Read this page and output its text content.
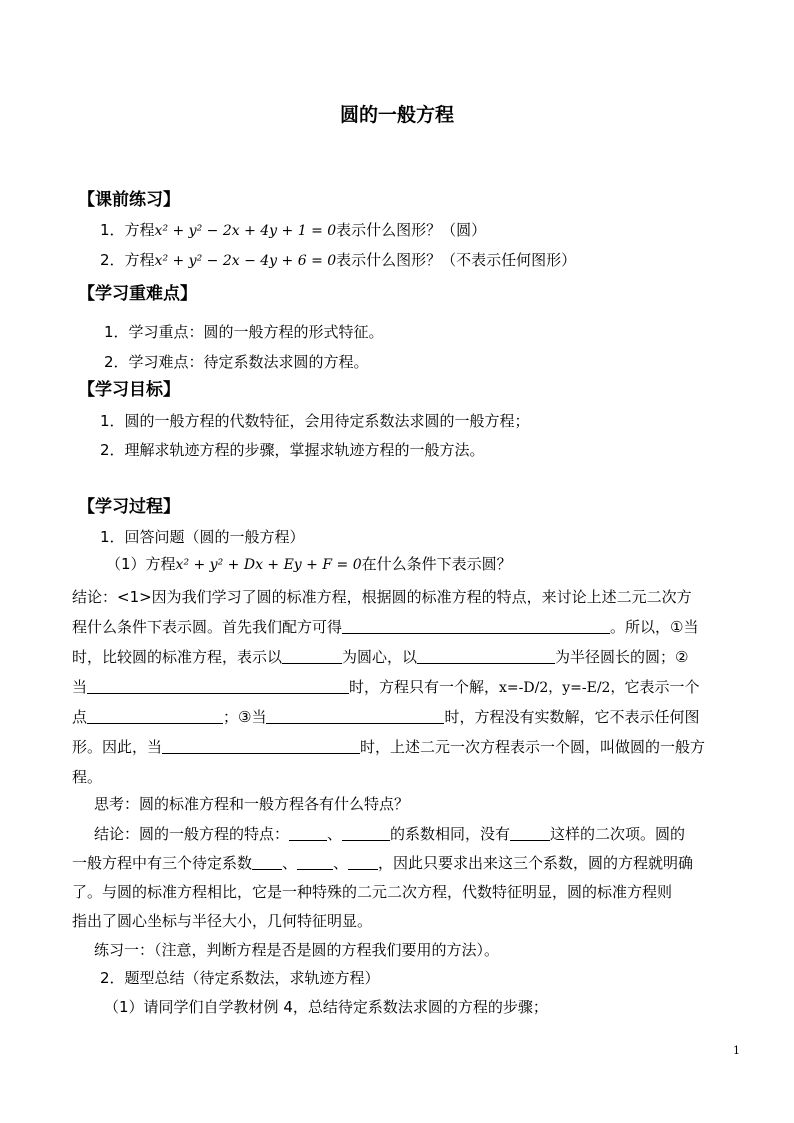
圆的一般方程
【课前练习】
1．方程x² + y² − 2x + 4y + 1 = 0表示什么图形？（圆）
2．方程x² + y² − 2x − 4y + 6 = 0表示什么图形？（不表示任何图形）
【学习重难点】
1．学习重点：圆的一般方程的形式特征。
2．学习难点：待定系数法求圆的方程。
【学习目标】
1．圆的一般方程的代数特征，会用待定系数法求圆的一般方程；
2．理解求轨迹方程的步骤，掌握求轨迹方程的一般方法。
【学习过程】
1．回答问题（圆的一般方程）
（1）方程x² + y² + Dx + Ey + F = 0在什么条件下表示圆？
结论：<1>因为我们学习了圆的标准方程，根据圆的标准方程的特点，来讨论上述二元二次方
程什么条件下表示圆。首先我们配方可得	。所以，①当
时，比较圆的标准方程，表示以	为圆心，以	为半径圆长的圆；②
当	时，方程只有一个解，x=-D/2，y=-E/2，它表示一个
点	；③当	时，方程没有实数解，它不表示任何图
形。因此，当	时，上述二元一次方程表示一个圆，叫做圆的一般方
程。
思考：圆的标准方程和一般方程各有什么特点？
结论：圆的一般方程的特点：	、	的系数相同，没有	这样的二次项。圆的
一般方程中有三个待定系数 、 、 ，因此只要求出来这三个系数，圆的方程就明确
了。与圆的标准方程相比，它是一种特殊的二元二次方程，代数特征明显，圆的标准方程则
指出了圆心坐标与半径大小，几何特征明显。
练习一：（注意，判断方程是否是圆的方程我们要用的方法）。
2．题型总结（待定系数法，求轨迹方程）
（1）请同学们自学教材例 4，总结待定系数法求圆的方程的步骤；
1
